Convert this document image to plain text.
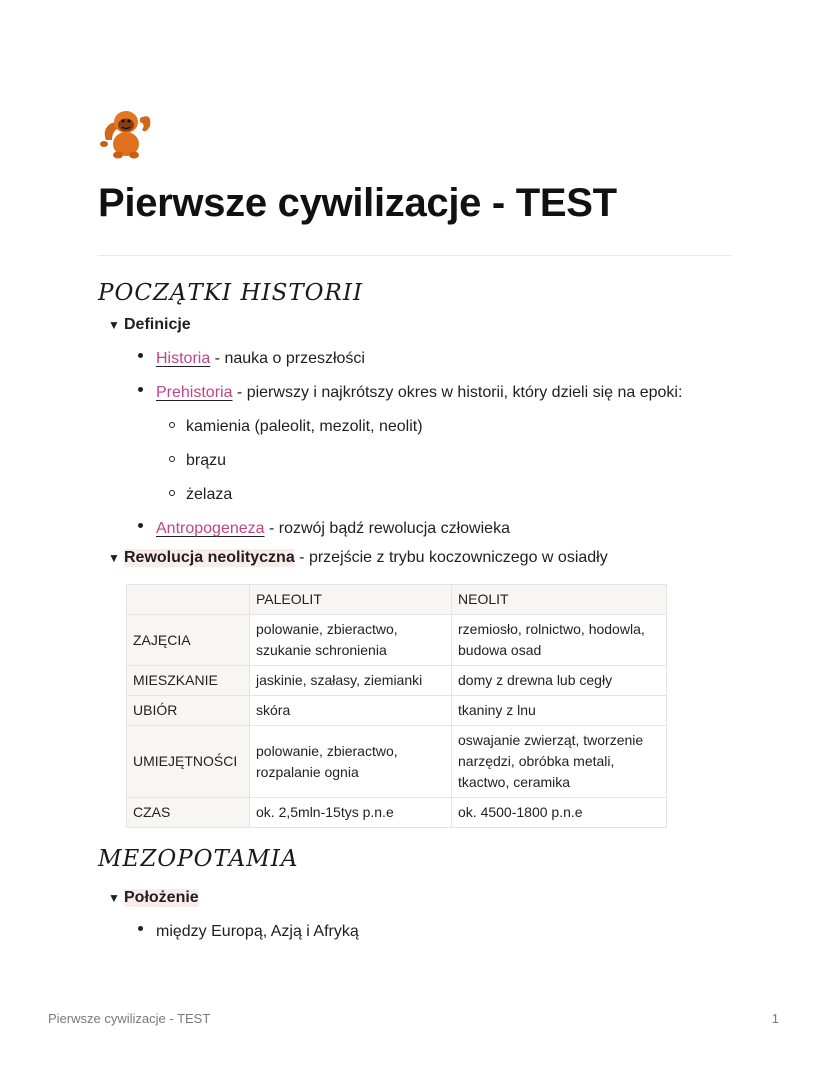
Pierwsze cywilizacje - TEST
POCZĄTKI HISTORII
▼ Definicje
Historia - nauka o przeszłości
Prehistoria - pierwszy i najkrótszy okres w historii, który dzieli się na epoki:
kamienia (paleolit, mezolit, neolit)
brązu
żelaza
Antropogeneza - rozwój bądź rewolucja człowieka
▼ Rewolucja neolityczna - przejście z trybu koczowniczego w osiadły
	PALEOLIT	NEOLIT
ZAJĘCIA	polowanie, zbieractwo, szukanie schronienia	rzemiosło, rolnictwo, hodowla, budowa osad
MIESZKANIE	jaskinie, szałasy, ziemianki	domy z drewna lub cegły
UBIÓR	skóra	tkaniny z lnu
UMIEJĘTNOŚCI	polowanie, zbieractwo, rozpalanie ognia	oswajanie zwierząt, tworzenie narzędzi, obróbka metali, tkactwo, ceramika
CZAS	ok. 2,5mln-15tys p.n.e	ok. 4500-1800 p.n.e
MEZOPOTAMIA
▼ Położenie
między Europą, Azją i Afryką
Pierwsze cywilizacje - TEST	1
